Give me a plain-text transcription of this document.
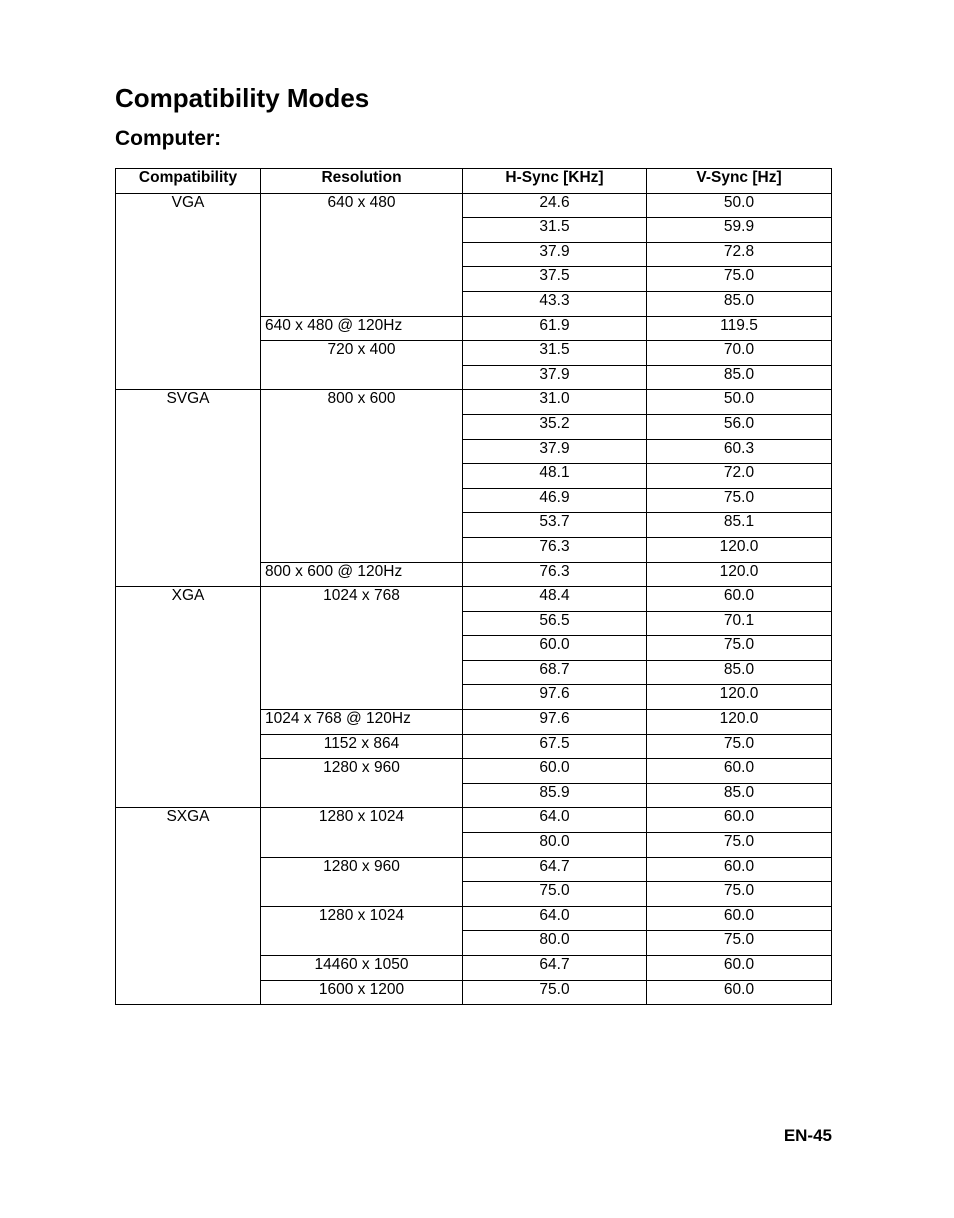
Compatibility Modes
Computer:
Compatibility	Resolution	H-Sync [KHz]	V-Sync [Hz]
VGA	640 x 480	24.6	50.0
		31.5	59.9
		37.9	72.8
		37.5	75.0
		43.3	85.0
	640 x 480 @ 120Hz	61.9	119.5
	720 x 400	31.5	70.0
		37.9	85.0
SVGA	800 x 600	31.0	50.0
		35.2	56.0
		37.9	60.3
		48.1	72.0
		46.9	75.0
		53.7	85.1
		76.3	120.0
	800 x 600 @ 120Hz	76.3	120.0
XGA	1024 x 768	48.4	60.0
		56.5	70.1
		60.0	75.0
		68.7	85.0
		97.6	120.0
	1024 x 768 @ 120Hz	97.6	120.0
	1152 x 864	67.5	75.0
	1280 x 960	60.0	60.0
		85.9	85.0
SXGA	1280 x 1024	64.0	60.0
		80.0	75.0
	1280 x 960	64.7	60.0
		75.0	75.0
	1280 x 1024	64.0	60.0
		80.0	75.0
	14460 x 1050	64.7	60.0
	1600 x 1200	75.0	60.0
EN-45
